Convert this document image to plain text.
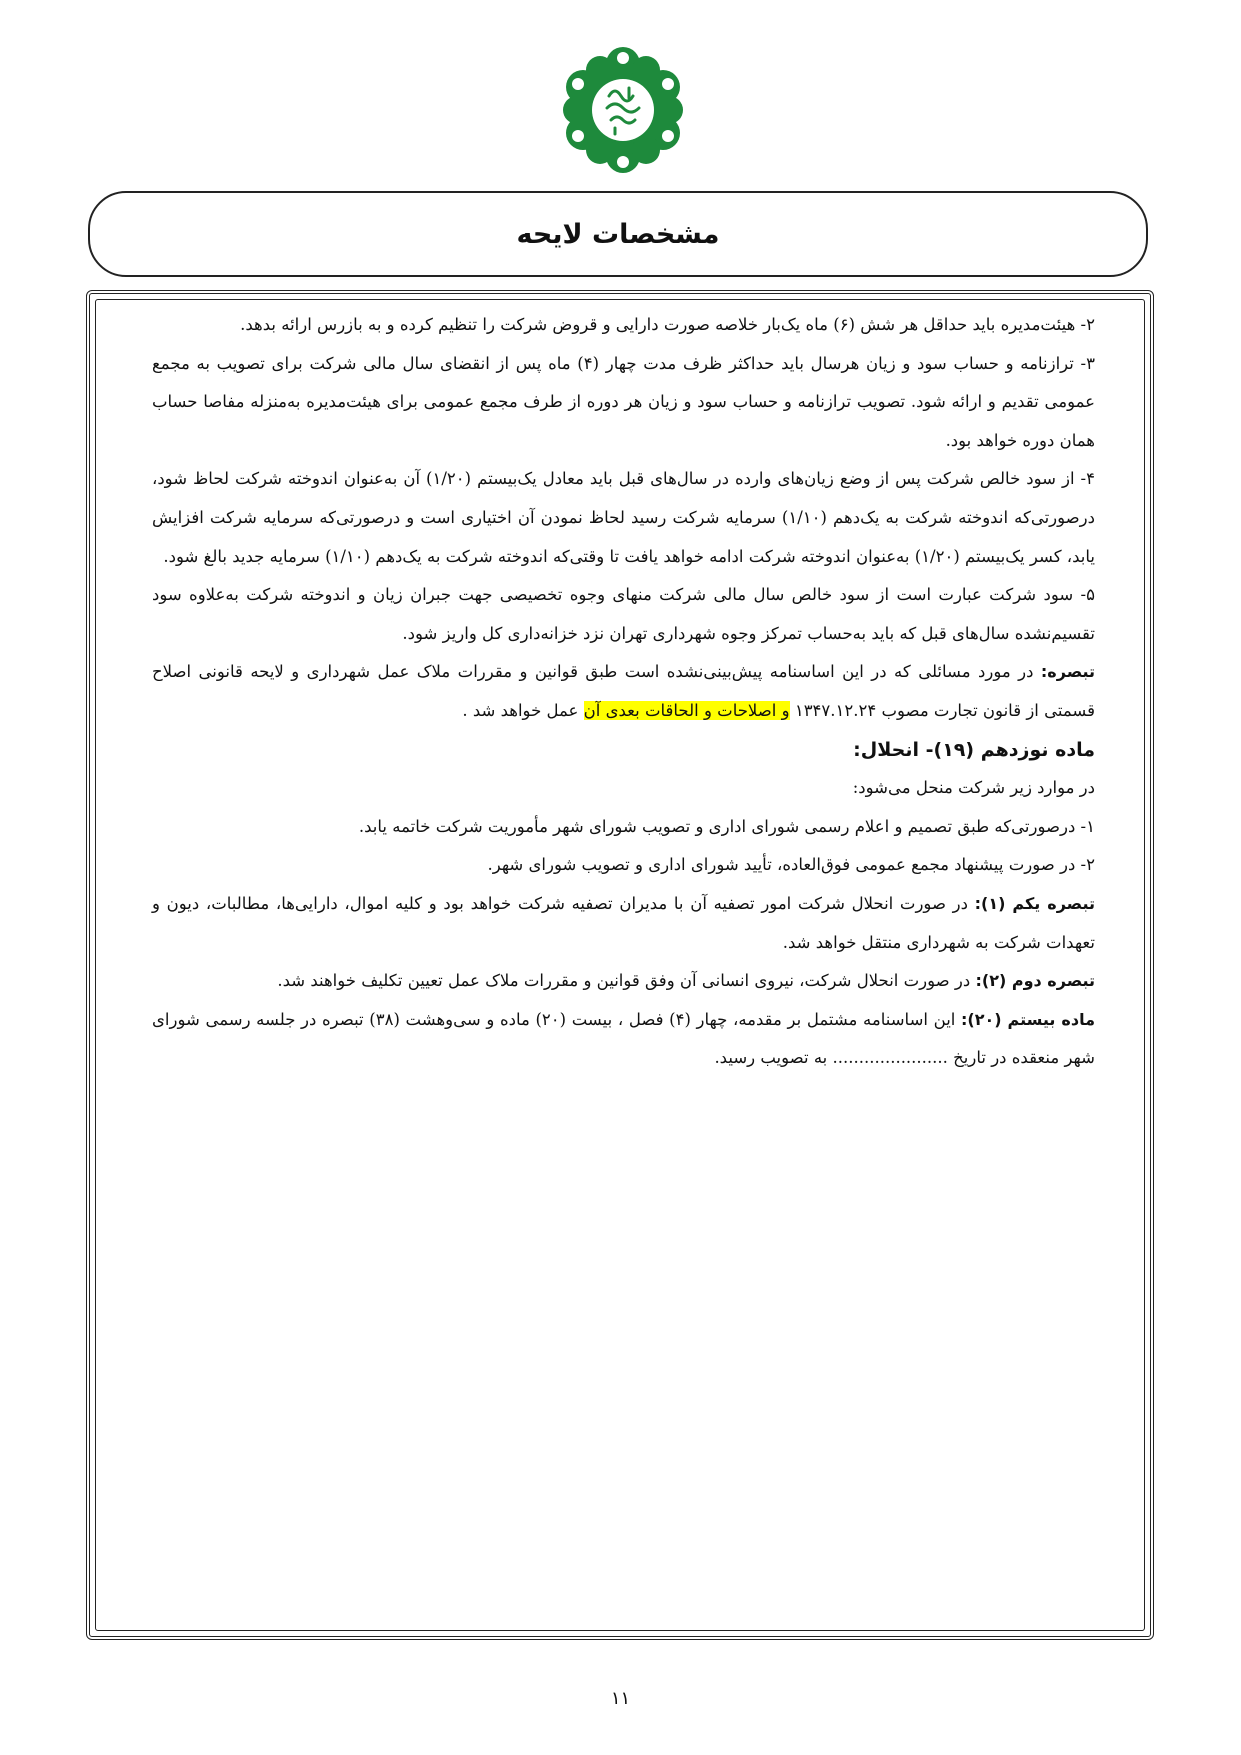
مشخصات لایحه

۲- هیئت‌مدیره باید حداقل هر شش (۶) ماه یک‌بار خلاصه صورت دارایی و قروض شرکت را تنظیم کرده و به بازرس ارائه بدهد.

۳- ترازنامه و حساب سود و زیان هرسال باید حداکثر ظرف مدت چهار (۴) ماه پس از انقضای سال مالی شرکت برای تصویب به مجمع عمومی تقدیم و ارائه شود. تصویب ترازنامه و حساب سود و زیان هر دوره از طرف مجمع عمومی برای هیئت‌مدیره به‌منزله مفاصا حساب همان دوره خواهد بود.

۴- از سود خالص شرکت پس از وضع زیان‌های وارده در سال‌های قبل باید معادل یک‌بیستم (۱/۲۰) آن به‌عنوان اندوخته شرکت لحاظ شود، درصورتی‌که اندوخته شرکت به یک‌دهم (۱/۱۰) سرمایه شرکت رسید لحاظ نمودن آن اختیاری است و درصورتی‌که سرمایه شرکت افزایش یابد، کسر یک‌بیستم (۱/۲۰) به‌عنوان اندوخته شرکت ادامه خواهد یافت تا وقتی‌که اندوخته شرکت به یک‌دهم (۱/۱۰) سرمایه جدید بالغ شود.

۵- سود شرکت عبارت است از سود خالص سال مالی شرکت منهای وجوه تخصیصی جهت جبران زیان و اندوخته شرکت به‌علاوه سود تقسیم‌نشده سال‌های قبل که باید به‌حساب تمرکز وجوه شهرداری تهران نزد خزانه‌داری کل واریز شود.

تبصره: در مورد مسائلی که در این اساسنامه پیش‌بینی‌نشده است طبق قوانین و مقررات ملاک عمل شهرداری و لایحه قانونی اصلاح قسمتی از قانون تجارت مصوب ۱۳۴۷.۱۲.۲۴ و اصلاحات و الحاقات بعدی آن عمل خواهد شد .

ماده نوزدهم (۱۹)- انحلال:

در موارد زیر شرکت منحل می‌شود:

۱- درصورتی‌که طبق تصمیم و اعلام رسمی شورای اداری و تصویب شورای شهر مأموریت شرکت خاتمه یابد.

۲- در صورت پیشنهاد مجمع عمومی فوق‌العاده، تأیید شورای اداری و تصویب شورای شهر.

تبصره یکم (۱): در صورت انحلال شرکت امور تصفیه آن با مدیران تصفیه شرکت خواهد بود و کلیه اموال، دارایی‌ها، مطالبات، دیون و تعهدات شرکت به شهرداری منتقل خواهد شد.

تبصره دوم (۲): در صورت انحلال شرکت، نیروی انسانی آن وفق قوانین و مقررات ملاک عمل تعیین تکلیف خواهند شد.

ماده بیستم (۲۰): این اساسنامه مشتمل بر مقدمه، چهار (۴) فصل ، بیست (۲۰) ماده و سی‌وهشت (۳۸) تبصره در جلسه رسمی شورای شهر منعقده در تاریخ ...................... به تصویب رسید.

۱۱
